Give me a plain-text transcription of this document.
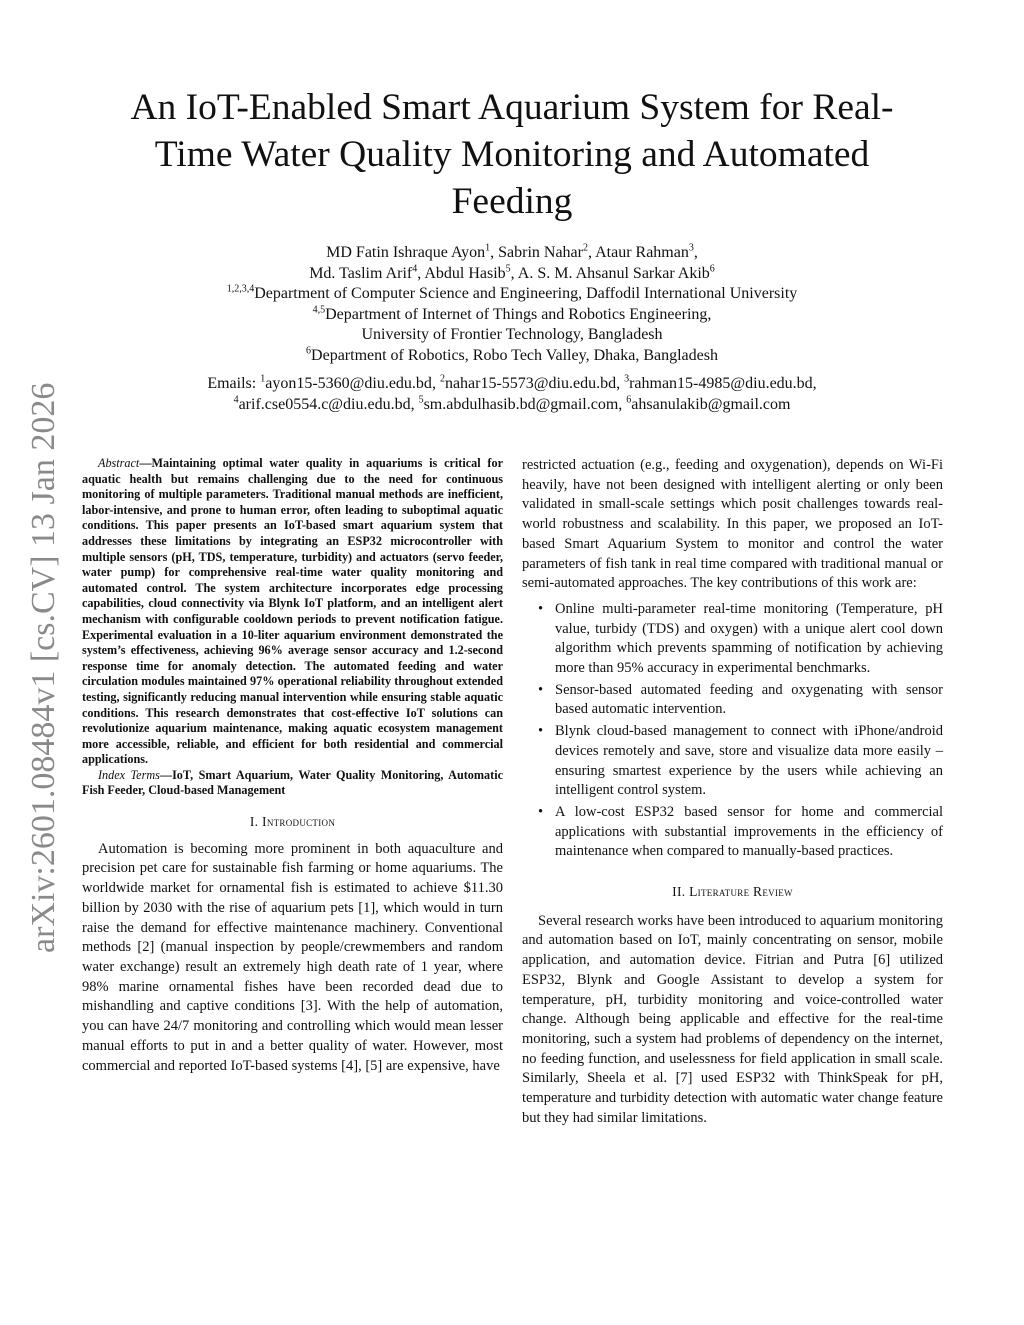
arXiv:2601.08484v1 [cs.CV] 13 Jan 2026
An IoT-Enabled Smart Aquarium System for Real-Time Water Quality Monitoring and Automated Feeding
MD Fatin Ishraque Ayon$^1$, Sabrin Nahar$^2$, Ataur Rahman$^3$,
Md. Taslim Arif$^4$, Abdul Hasib$^5$, A. S. M. Ahsanul Sarkar Akib$^6$
$^{1,2,3,4}$Department of Computer Science and Engineering, Daffodil International University
$^{4,5}$Department of Internet of Things and Robotics Engineering,
University of Frontier Technology, Bangladesh
$^6$Department of Robotics, Robo Tech Valley, Dhaka, Bangladesh
Emails: $^1$ayon15-5360@diu.edu.bd, $^2$nahar15-5573@diu.edu.bd, $^3$rahman15-4985@diu.edu.bd,
$^4$arif.cse0554.c@diu.edu.bd, $^5$sm.abdulhasib.bd@gmail.com, $^6$ahsanulakib@gmail.com

Abstract—Maintaining optimal water quality in aquariums is critical for aquatic health but remains challenging due to the need for continuous monitoring of multiple parameters. Traditional manual methods are inefficient, labor-intensive, and prone to human error, often leading to suboptimal aquatic conditions. This paper presents an IoT-based smart aquarium system that addresses these limitations by integrating an ESP32 microcontroller with multiple sensors (pH, TDS, temperature, turbidity) and actuators (servo feeder, water pump) for comprehensive real-time water quality monitoring and automated control. The system architecture incorporates edge processing capabilities, cloud connectivity via Blynk IoT platform, and an intelligent alert mechanism with configurable cooldown periods to prevent notification fatigue. Experimental evaluation in a 10-liter aquarium environment demonstrated the system’s effectiveness, achieving 96% average sensor accuracy and 1.2-second response time for anomaly detection. The automated feeding and water circulation modules maintained 97% operational reliability throughout extended testing, significantly reducing manual intervention while ensuring stable aquatic conditions. This research demonstrates that cost-effective IoT solutions can revolutionize aquarium maintenance, making aquatic ecosystem management more accessible, reliable, and efficient for both residential and commercial applications.

Index Terms—IoT, Smart Aquarium, Water Quality Monitoring, Automatic Fish Feeder, Cloud-based Management

I. Introduction

Automation is becoming more prominent in both aquaculture and precision pet care for sustainable fish farming or home aquariums. The worldwide market for ornamental fish is estimated to achieve $11.30 billion by 2030 with the rise of aquarium pets [1], which would in turn raise the demand for effective maintenance machinery. Conventional methods [2] (manual inspection by people/crewmembers and random water exchange) result an extremely high death rate of 1 year, where 98% marine ornamental fishes have been recorded dead due to mishandling and captive conditions [3]. With the help of automation, you can have 24/7 monitoring and controlling which would mean lesser manual efforts to put in and a better quality of water. However, most commercial and reported IoT-based systems [4], [5] are expensive, have

restricted actuation (e.g., feeding and oxygenation), depends on Wi-Fi heavily, have not been designed with intelligent alerting or only been validated in small-scale settings which posit challenges towards real-world robustness and scalability. In this paper, we proposed an IoT-based Smart Aquarium System to monitor and control the water parameters of fish tank in real time compared with traditional manual or semi-automated approaches. The key contributions of this work are:

• Online multi-parameter real-time monitoring (Temperature, pH value, turbidy (TDS) and oxygen) with a unique alert cool down algorithm which prevents spamming of notification by achieving more than 95% accuracy in experimental benchmarks.
• Sensor-based automated feeding and oxygenating with sensor based automatic intervention.
• Blynk cloud-based management to connect with iPhone/android devices remotely and save, store and visualize data more easily – ensuring smartest experience by the users while achieving an intelligent control system.
• A low-cost ESP32 based sensor for home and commercial applications with substantial improvements in the efficiency of maintenance when compared to manually-based practices.
II. Literature Review

Several research works have been introduced to aquarium monitoring and automation based on IoT, mainly concentrating on sensor, mobile application, and automation device. Fitrian and Putra [6] utilized ESP32, Blynk and Google Assistant to develop a system for temperature, pH, turbidity monitoring and voice-controlled water change. Although being applicable and effective for the real-time monitoring, such a system had problems of dependency on the internet, no feeding function, and uselessness for field application in small scale. Similarly, Sheela et al. [7] used ESP32 with ThinkSpeak for pH, temperature and turbidity detection with automatic water change feature but they had similar limitations.
